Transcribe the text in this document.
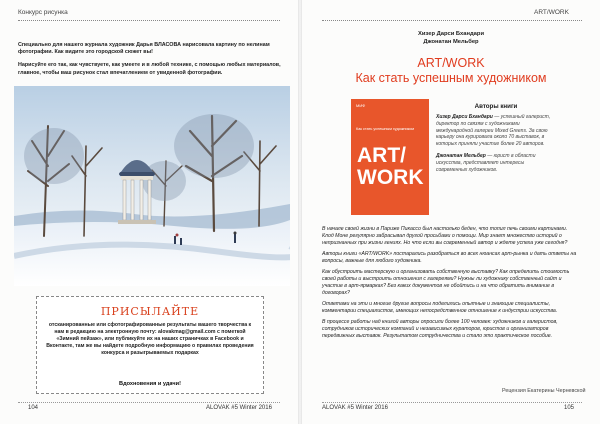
Конкурс рисунка

Специально для нашего журнала художник Дарья ВЛАСОВА нарисовала картину по нелинам фотографии. Как видите это городской сюжет вы!

Нарисуйте его так, как чувствуете, как умеете и в любой технике, с помощью любых материалов, главное, чтобы ваш рисунок стал впечатлением от увиденной фотографии.

ПРИСЫЛАЙТЕ
отсканированные или сфотографированные результаты вашего творчества к нам в редакцию на электронную почту: alovakmag@gmail.com с пометкой «Зимний пейзаж», или публикуйте их на наших страничках в Facebook и Вконтакте, там же вы найдете подробную информацию о правилах проведения конкурса и разыгрываемых подарках
Вдохновения и удачи!
104	ALOVAK #5 Winter 2016
ART/WORK
Хизер Дарси Бхандари
Джонатан Мельбер
ART/WORK
Как стать успешным художником
МИФ
Как стать успешным художником
ART/
WORK
Авторы книги

Хизер Дарси Бхандари — успешный галерист, директор по связям с художниками международной галереи Mixed Greens. За свою карьеру она курировала около 70 выставок, в которых приняли участие более 20 авторов.

Джонатан Мельбер — юрист в области искусства, представляет интересы современных художников.

В начале своей жизни в Париже Пикассо был настолько беден, что топил печь своими картинами. Клод Моне регулярно забрасывал другой просьбами о помощи. Мир знает множество историй о непризнанных при жизни гениях. Но что если вы современный автор и ждете успеха уже сегодня?

Авторы книги «ART/WORK» постарались разобраться во всех нюансах арт-рынка и дать ответы на вопросы, важные для любого художника.

Как обустроить мастерскую и организовать собственную выставку? Как определить стоимость своей работы и выстроить отношения с галереями? Нужны ли художнику собственный сайт и участие в арт-ярмарках? Без каких документов не обойтись и на что обратить внимание в договорах?

Ответами на эти и многие другие вопросы поделились опытные и знающие специалисты, комментарии специалистов, имеющих непосредственное отношение к индустрии искусства.

В процессе работы над книгой авторы опросили более 100 человек: художников и галеристов, сотрудников исторических компаний и независимых кураторов, юристов и организаторов передвижных выставок. Результатом сотрудничества и стало это практическое пособие.

Рецензия Екатерины Черневской
ALOVAK #5 Winter 2016	105
